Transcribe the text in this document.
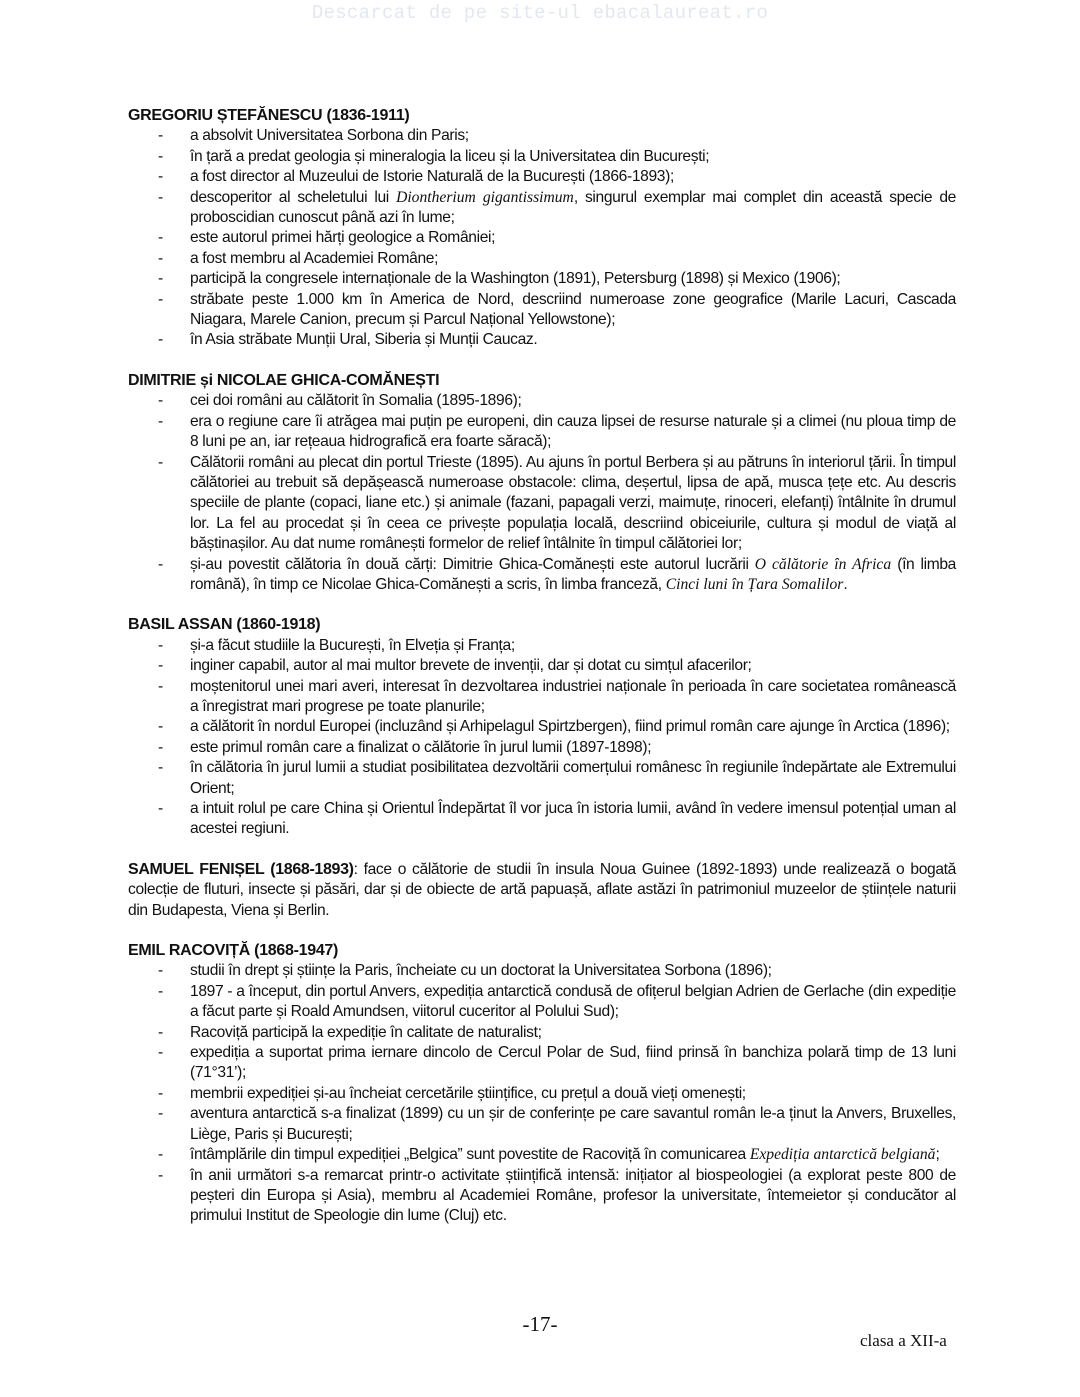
Descarcat de pe site-ul ebacalaureat.ro
GREGORIU ȘTEFĂNESCU (1836-1911)
- a absolvit Universitatea Sorbona din Paris;
- în țară a predat geologia și mineralogia la liceu și la Universitatea din București;
- a fost director al Muzeului de Istorie Naturală de la București (1866-1893);
- descoperitor al scheletului lui Diontherium gigantissimum, singurul exemplar mai complet din această specie de proboscidian cunoscut până azi în lume;
- este autorul primei hărți geologice a României;
- a fost membru al Academiei Române;
- participă la congresele internaționale de la Washington (1891), Petersburg (1898) și Mexico (1906);
- străbate peste 1.000 km în America de Nord, descriind numeroase zone geografice (Marile Lacuri, Cascada Niagara, Marele Canion, precum și Parcul Național Yellowstone);
- în Asia străbate Munții Ural, Siberia și Munții Caucaz.
DIMITRIE și NICOLAE GHICA-COMĂNEȘTI
- cei doi români au călătorit în Somalia (1895-1896);
- era o regiune care îi atrăgea mai puțin pe europeni, din cauza lipsei de resurse naturale și a climei (nu ploua timp de 8 luni pe an, iar rețeaua hidrografică era foarte săracă);
- Călătorii români au plecat din portul Trieste (1895). Au ajuns în portul Berbera și au pătruns în interiorul țării. În timpul călătoriei au trebuit să depășească numeroase obstacole: clima, deșertul, lipsa de apă, musca țețe etc. Au descris speciile de plante (copaci, liane etc.) și animale (fazani, papagali verzi, maimuțe, rinoceri, elefanți) întâlnite în drumul lor. La fel au procedat și în ceea ce privește populația locală, descriind obiceiurile, cultura și modul de viață al băștinașilor. Au dat nume românești formelor de relief întâlnite în timpul călătoriei lor;
- și-au povestit călătoria în două cărți: Dimitrie Ghica-Comănești este autorul lucrării O călătorie în Africa (în limba română), în timp ce Nicolae Ghica-Comănești a scris, în limba franceză, Cinci luni în Țara Somalilor.
BASIL ASSAN (1860-1918)
- și-a făcut studiile la București, în Elveția și Franța;
- inginer capabil, autor al mai multor brevete de invenții, dar și dotat cu simțul afacerilor;
- moștenitorul unei mari averi, interesat în dezvoltarea industriei naționale în perioada în care societatea românească a înregistrat mari progrese pe toate planurile;
- a călătorit în nordul Europei (incluzând și Arhipelagul Spirtzbergen), fiind primul român care ajunge în Arctica (1896);
- este primul român care a finalizat o călătorie în jurul lumii (1897-1898);
- în călătoria în jurul lumii a studiat posibilitatea dezvoltării comerțului românesc în regiunile îndepărtate ale Extremului Orient;
- a intuit rolul pe care China și Orientul Îndepărtat îl vor juca în istoria lumii, având în vedere imensul potențial uman al acestei regiuni.
SAMUEL FENIȘEL (1868-1893): face o călătorie de studii în insula Noua Guinee (1892-1893) unde realizează o bogată colecție de fluturi, insecte și păsări, dar și de obiecte de artă papuașă, aflate astăzi în patrimoniul muzeelor de științele naturii din Budapesta, Viena și Berlin.
EMIL RACOVIȚĂ (1868-1947)
- studii în drept și științe la Paris, încheiate cu un doctorat la Universitatea Sorbona (1896);
- 1897 - a început, din portul Anvers, expediția antarctică condusă de ofițerul belgian Adrien de Gerlache (din expediție a făcut parte și Roald Amundsen, viitorul cuceritor al Polului Sud);
- Racoviță participă la expediție în calitate de naturalist;
- expediția a suportat prima iernare dincolo de Cercul Polar de Sud, fiind prinsă în banchiza polară timp de 13 luni (71°31’);
- membrii expediției și-au încheiat cercetările științifice, cu prețul a două vieți omenești;
- aventura antarctică s-a finalizat (1899) cu un șir de conferințe pe care savantul român le-a ținut la Anvers, Bruxelles, Liège, Paris și București;
- întâmplările din timpul expediției „Belgica” sunt povestite de Racoviță în comunicarea Expediția antarctică belgiană;
- în anii următori s-a remarcat printr-o activitate științifică intensă: inițiator al biospeologiei (a explorat peste 800 de peșteri din Europa și Asia), membru al Academiei Române, profesor la universitate, întemeietor și conducător al primului Institut de Speologie din lume (Cluj) etc.
-17-
clasa a XII-a
